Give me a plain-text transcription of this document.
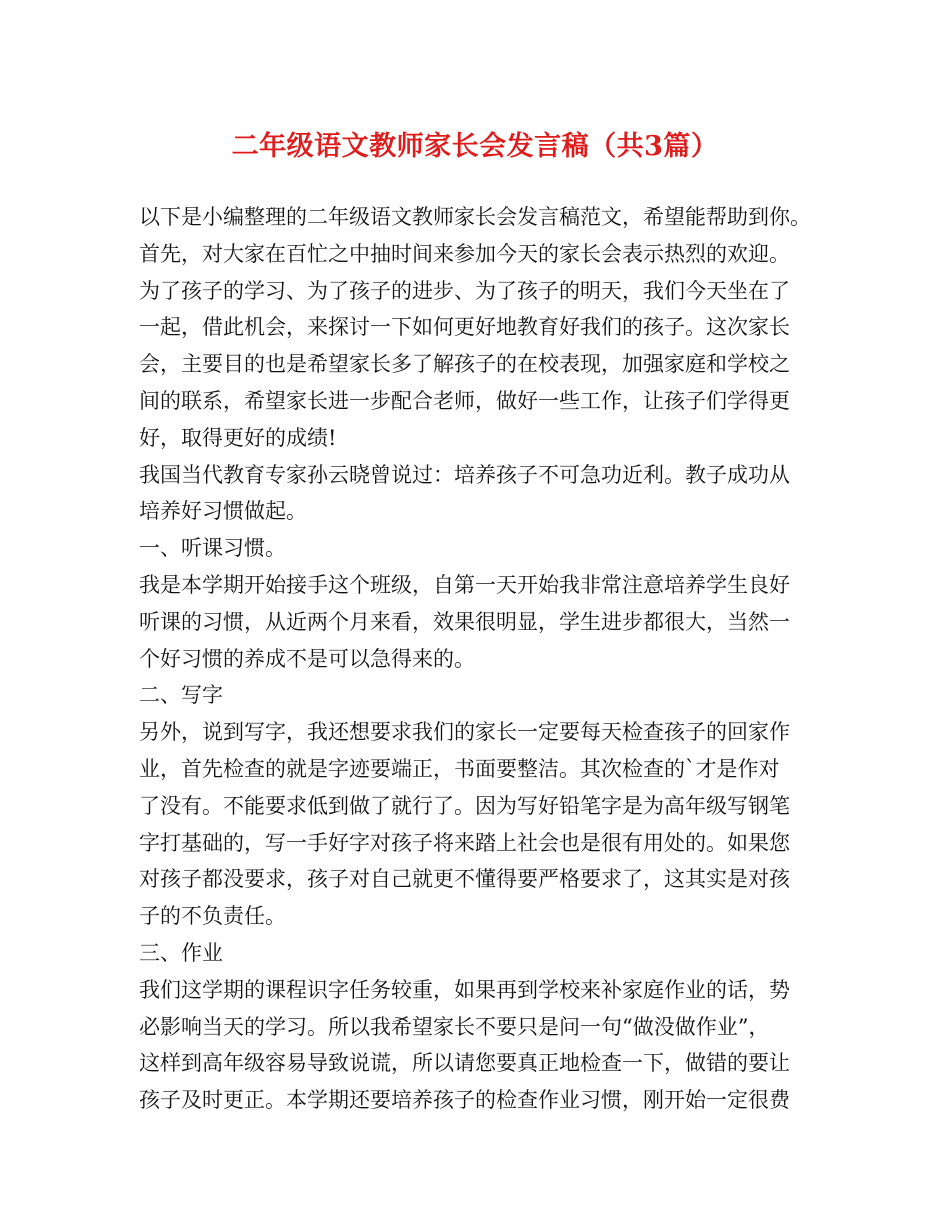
二年级语文教师家长会发言稿（共3篇）

以下是小编整理的二年级语文教师家长会发言稿范文，希望能帮助到你。

首先，对大家在百忙之中抽时间来参加今天的家长会表示热烈的欢迎。

为了孩子的学习、为了孩子的进步、为了孩子的明天，我们今天坐在了

一起，借此机会，来探讨一下如何更好地教育好我们的孩子。这次家长

会，主要目的也是希望家长多了解孩子的在校表现，加强家庭和学校之

间的联系，希望家长进一步配合老师，做好一些工作，让孩子们学得更

好，取得更好的成绩!

我国当代教育专家孙云晓曾说过：培养孩子不可急功近利。教子成功从

培养好习惯做起。

一、听课习惯。

我是本学期开始接手这个班级，自第一天开始我非常注意培养学生良好

听课的习惯，从近两个月来看，效果很明显，学生进步都很大，当然一

个好习惯的养成不是可以急得来的。

二、写字

另外，说到写字，我还想要求我们的家长一定要每天检查孩子的回家作

业，首先检查的就是字迹要端正，书面要整洁。其次检查的`才是作对

了没有。不能要求低到做了就行了。因为写好铅笔字是为高年级写钢笔

字打基础的，写一手好字对孩子将来踏上社会也是很有用处的。如果您

对孩子都没要求，孩子对自己就更不懂得要严格要求了，这其实是对孩

子的不负责任。

三、作业

我们这学期的课程识字任务较重，如果再到学校来补家庭作业的话，势

必影响当天的学习。所以我希望家长不要只是问一句“做没做作业”，

这样到高年级容易导致说谎，所以请您要真正地检查一下，做错的要让

孩子及时更正。本学期还要培养孩子的检查作业习惯，刚开始一定很费
